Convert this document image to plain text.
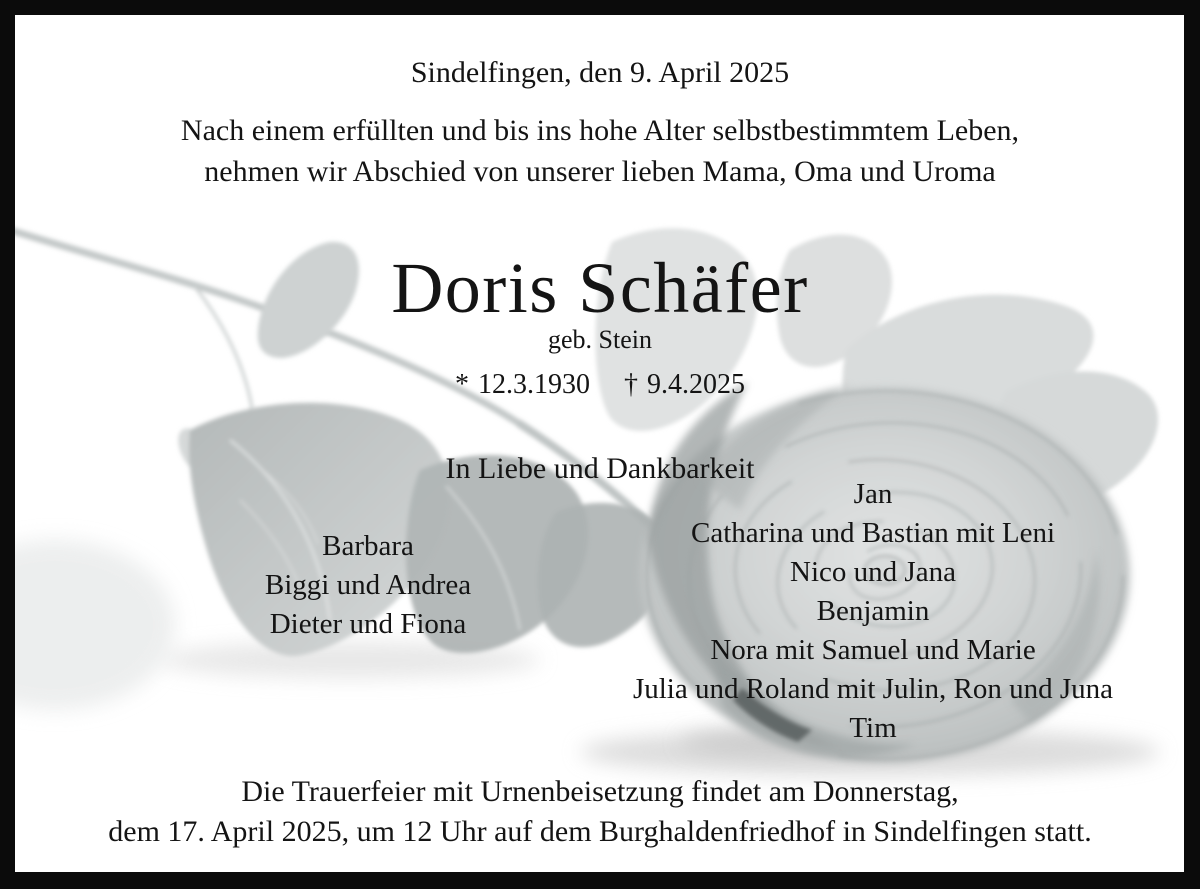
Sindelfingen, den 9. April 2025
Nach einem erfüllten und bis ins hohe Alter selbstbestimmtem Leben,
nehmen wir Abschied von unserer lieben Mama, Oma und Uroma
Doris Schäfer
geb. Stein
* 12.3.1930 † 9.4.2025
In Liebe und Dankbarkeit
Barbara
Biggi und Andrea
Dieter und Fiona
Jan
Catharina und Bastian mit Leni
Nico und Jana
Benjamin
Nora mit Samuel und Marie
Julia und Roland mit Julin, Ron und Juna
Tim
Die Trauerfeier mit Urnenbeisetzung findet am Donnerstag,
dem 17. April 2025, um 12 Uhr auf dem Burghaldenfriedhof in Sindelfingen statt.
